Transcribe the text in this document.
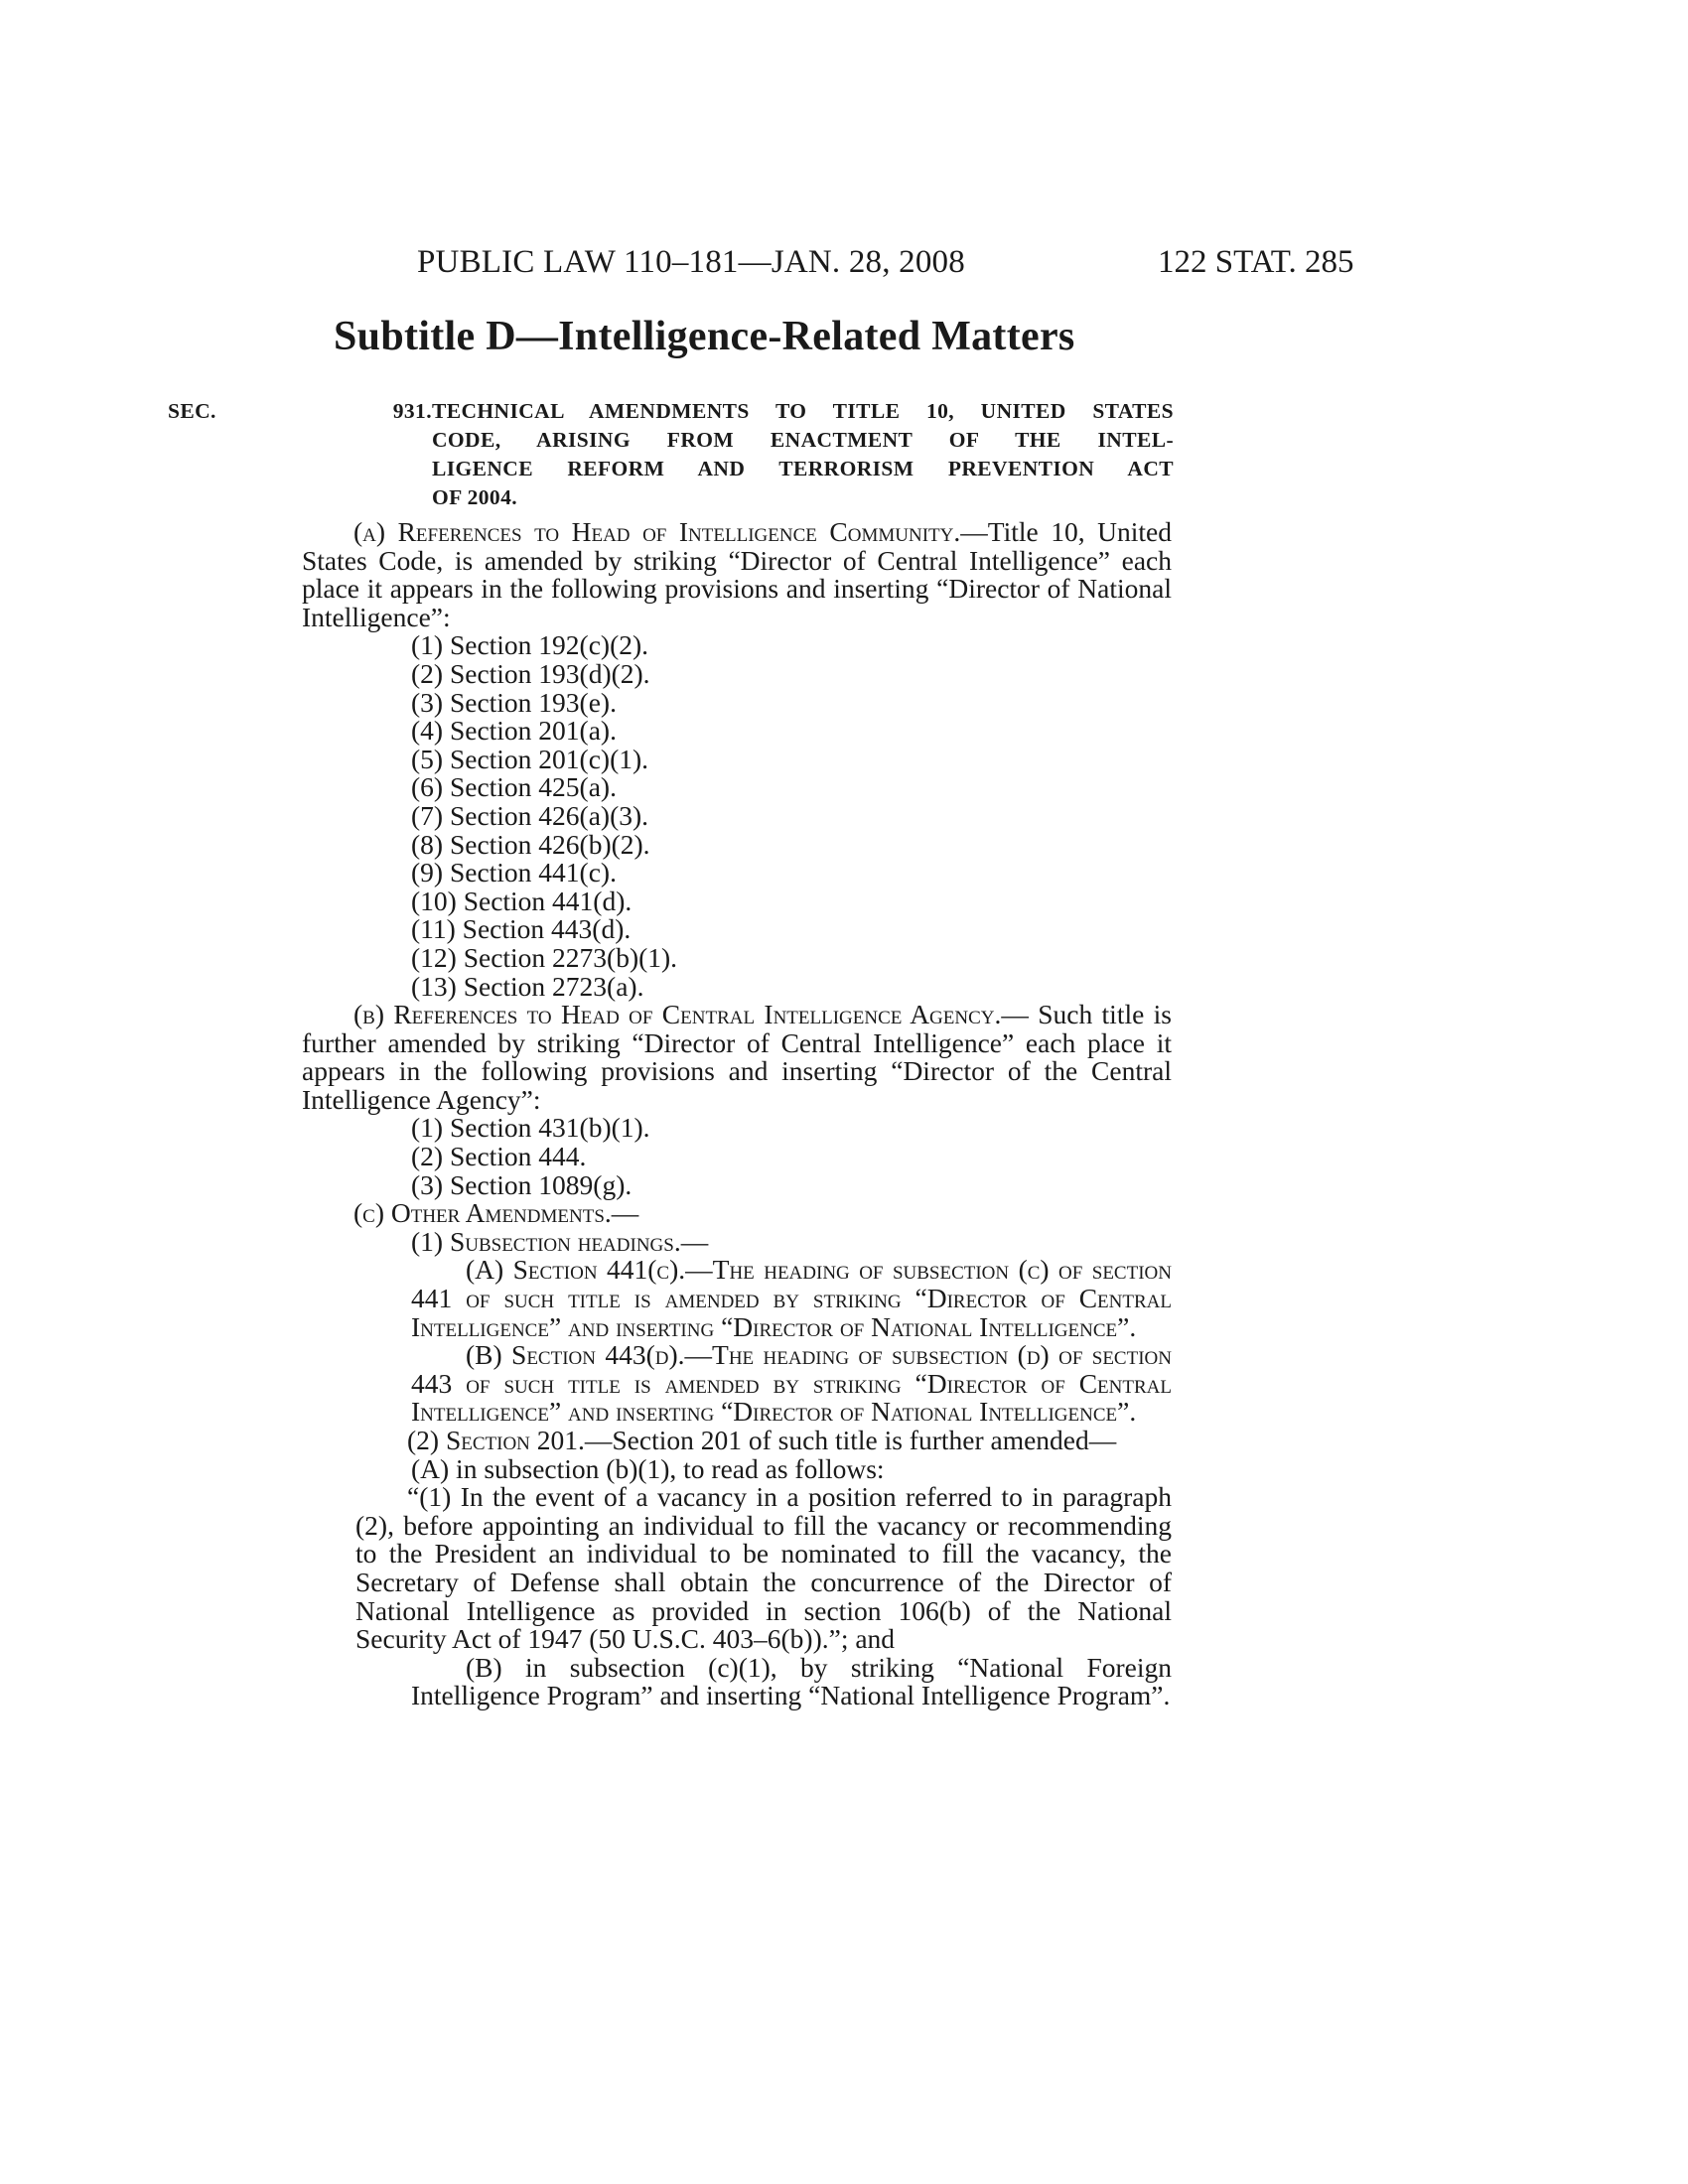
PUBLIC LAW 110–181—JAN. 28, 2008	122 STAT. 285
Subtitle D—Intelligence-Related Matters
SEC. 931.TECHNICAL AMENDMENTS TO TITLE 10, UNITED STATES
CODE, ARISING FROM ENACTMENT OF THE INTEL-
LIGENCE REFORM AND TERRORISM PREVENTION ACT
OF 2004.

(a) References to Head of Intelligence Community.—Title 10, United States Code, is amended by striking “Director of Central Intelligence” each place it appears in the following provisions and inserting “Director of National Intelligence”:

(1) Section 192(c)(2).

(2) Section 193(d)(2).

(3) Section 193(e).

(4) Section 201(a).

(5) Section 201(c)(1).

(6) Section 425(a).

(7) Section 426(a)(3).

(8) Section 426(b)(2).

(9) Section 441(c).

(10) Section 441(d).

(11) Section 443(d).

(12) Section 2273(b)(1).

(13) Section 2723(a).

(b) References to Head of Central Intelligence Agency.— Such title is further amended by striking “Director of Central Intelligence” each place it appears in the following provisions and inserting “Director of the Central Intelligence Agency”:

(1) Section 431(b)(1).

(2) Section 444.

(3) Section 1089(g).

(c) Other Amendments.—

(1) Subsection headings.—

(A) Section 441(c).—The heading of subsection (c) of section 441 of such title is amended by striking “Director of Central Intelligence” and inserting “Director of National Intelligence”.

(B) Section 443(d).—The heading of subsection (d) of section 443 of such title is amended by striking “Director of Central Intelligence” and inserting “Director of National Intelligence”.

(2) Section 201.—Section 201 of such title is further amended—

(A) in subsection (b)(1), to read as follows:

“(1) In the event of a vacancy in a position referred to in paragraph (2), before appointing an individual to fill the vacancy or recommending to the President an individual to be nominated to fill the vacancy, the Secretary of Defense shall obtain the concurrence of the Director of National Intelligence as provided in section 106(b) of the National Security Act of 1947 (50 U.S.C. 403–6(b)).”; and

(B) in subsection (c)(1), by striking “National Foreign Intelligence Program” and inserting “National Intelligence Program”.
